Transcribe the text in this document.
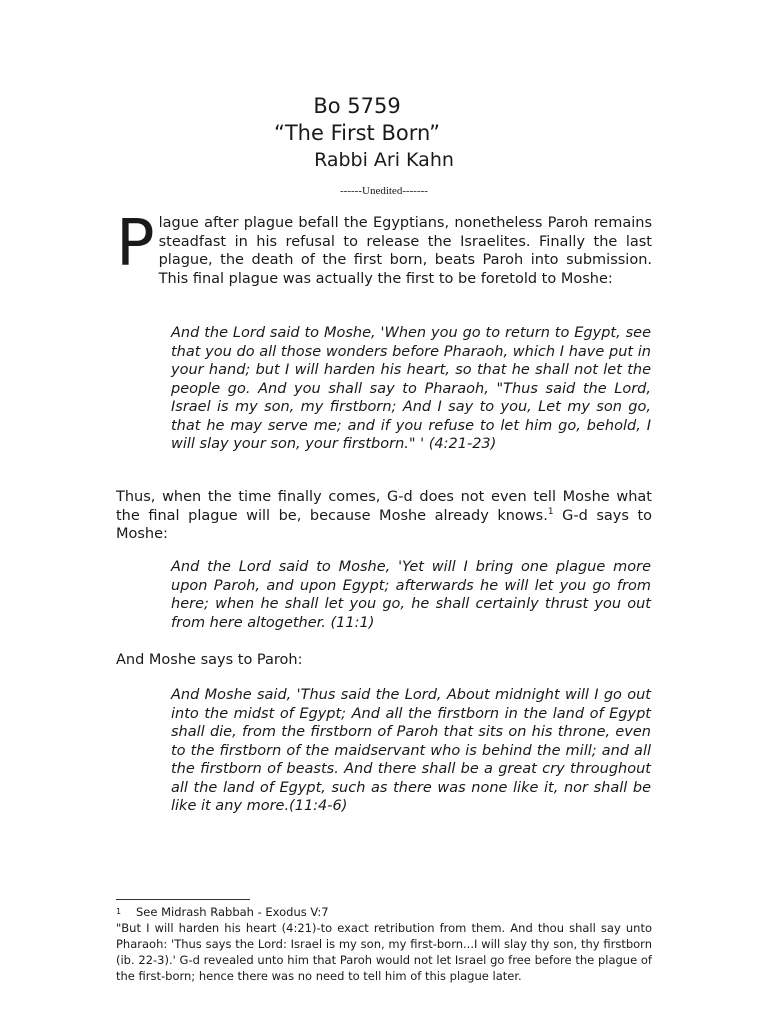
Bo 5759
“The First Born”
Rabbi Ari Kahn
------Unedited-------
Plague after plague befall the Egyptians, nonetheless Paroh remains steadfast in his refusal to release the Israelites. Finally the last plague, the death of the first born, beats Paroh into submission. This final plague was actually the first to be foretold to Moshe:
And the Lord said to Moshe, 'When you go to return to Egypt, see that you do all those wonders before Pharaoh, which I have put in your hand; but I will harden his heart, so that he shall not let the people go. And you shall say to Pharaoh, "Thus said the Lord, Israel is my son, my firstborn; And I say to you, Let my son go, that he may serve me; and if you refuse to let him go, behold, I will slay your son, your firstborn." ' (4:21-23)
Thus, when the time finally comes, G-d does not even tell Moshe what the final plague will be, because Moshe already knows.$^1$ G-d says to Moshe:
And the Lord said to Moshe, 'Yet will I bring one plague more upon Paroh, and upon Egypt; afterwards he will let you go from here; when he shall let you go, he shall certainly thrust you out from here altogether. (11:1)
And Moshe says to Paroh:
And Moshe said, 'Thus said the Lord, About midnight will I go out into the midst of Egypt; And all the firstborn in the land of Egypt shall die, from the firstborn of Paroh that sits on his throne, even to the firstborn of the maidservant who is behind the mill; and all the firstborn of beasts. And there shall be a great cry throughout all the land of Egypt, such as there was none like it, nor shall be like it any more.(11:4-6)
1 See Midrash Rabbah - Exodus V:7
"But I will harden his heart (4:21)-to exact retribution from them. And thou shall say unto Pharaoh: 'Thus says the Lord: Israel is my son, my first-born...I will slay thy son, thy firstborn (ib. 22-3).' G-d revealed unto him that Paroh would not let Israel go free before the plague of the first-born; hence there was no need to tell him of this plague later.
